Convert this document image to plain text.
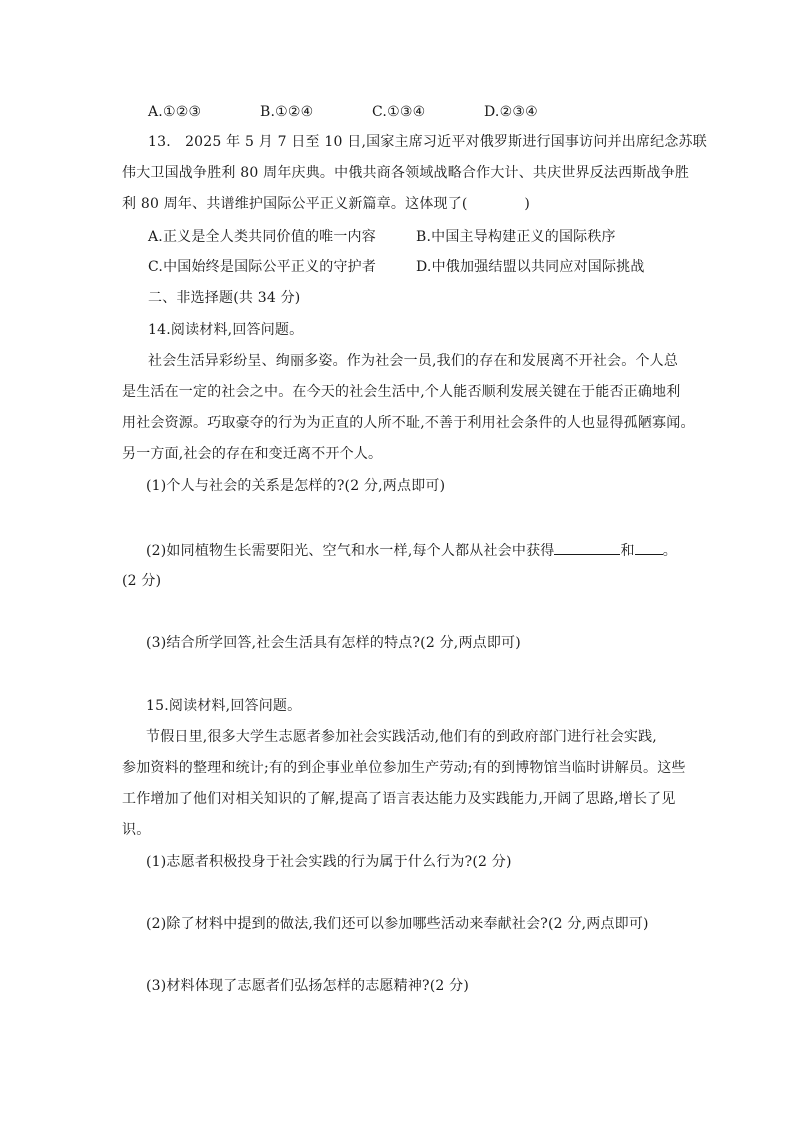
A.①②③	B.①②④	C.①③④	D.②③④
13.　2025 年 5 月 7 日至 10 日,国家主席习近平对俄罗斯进行国事访问并出席纪念苏联
伟大卫国战争胜利 80 周年庆典。中俄共商各领域战略合作大计、共庆世界反法西斯战争胜
利 80 周年、共谱维护国际公平正义新篇章。这体现了(　　　　)
A.正义是全人类共同价值的唯一内容	B.中国主导构建正义的国际秩序
C.中国始终是国际公平正义的守护者	D.中俄加强结盟以共同应对国际挑战
二、非选择题(共 34 分)
14.阅读材料,回答问题。
社会生活异彩纷呈、绚丽多姿。作为社会一员,我们的存在和发展离不开社会。个人总
是生活在一定的社会之中。在今天的社会生活中,个人能否顺利发展关键在于能否正确地利
用社会资源。巧取豪夺的行为为正直的人所不耻,不善于利用社会条件的人也显得孤陋寡闻。
另一方面,社会的存在和变迁离不开个人。
(1)个人与社会的关系是怎样的?(2 分,两点即可)
(2)如同植物生长需要阳光、空气和水一样,每个人都从社会中获得	和 。
(2 分)
(3)结合所学回答,社会生活具有怎样的特点?(2 分,两点即可)
15.阅读材料,回答问题。
节假日里,很多大学生志愿者参加社会实践活动,他们有的到政府部门进行社会实践,
参加资料的整理和统计;有的到企事业单位参加生产劳动;有的到博物馆当临时讲解员。这些
工作增加了他们对相关知识的了解,提高了语言表达能力及实践能力,开阔了思路,增长了见
识。
(1)志愿者积极投身于社会实践的行为属于什么行为?(2 分)
(2)除了材料中提到的做法,我们还可以参加哪些活动来奉献社会?(2 分,两点即可)
(3)材料体现了志愿者们弘扬怎样的志愿精神?(2 分)
